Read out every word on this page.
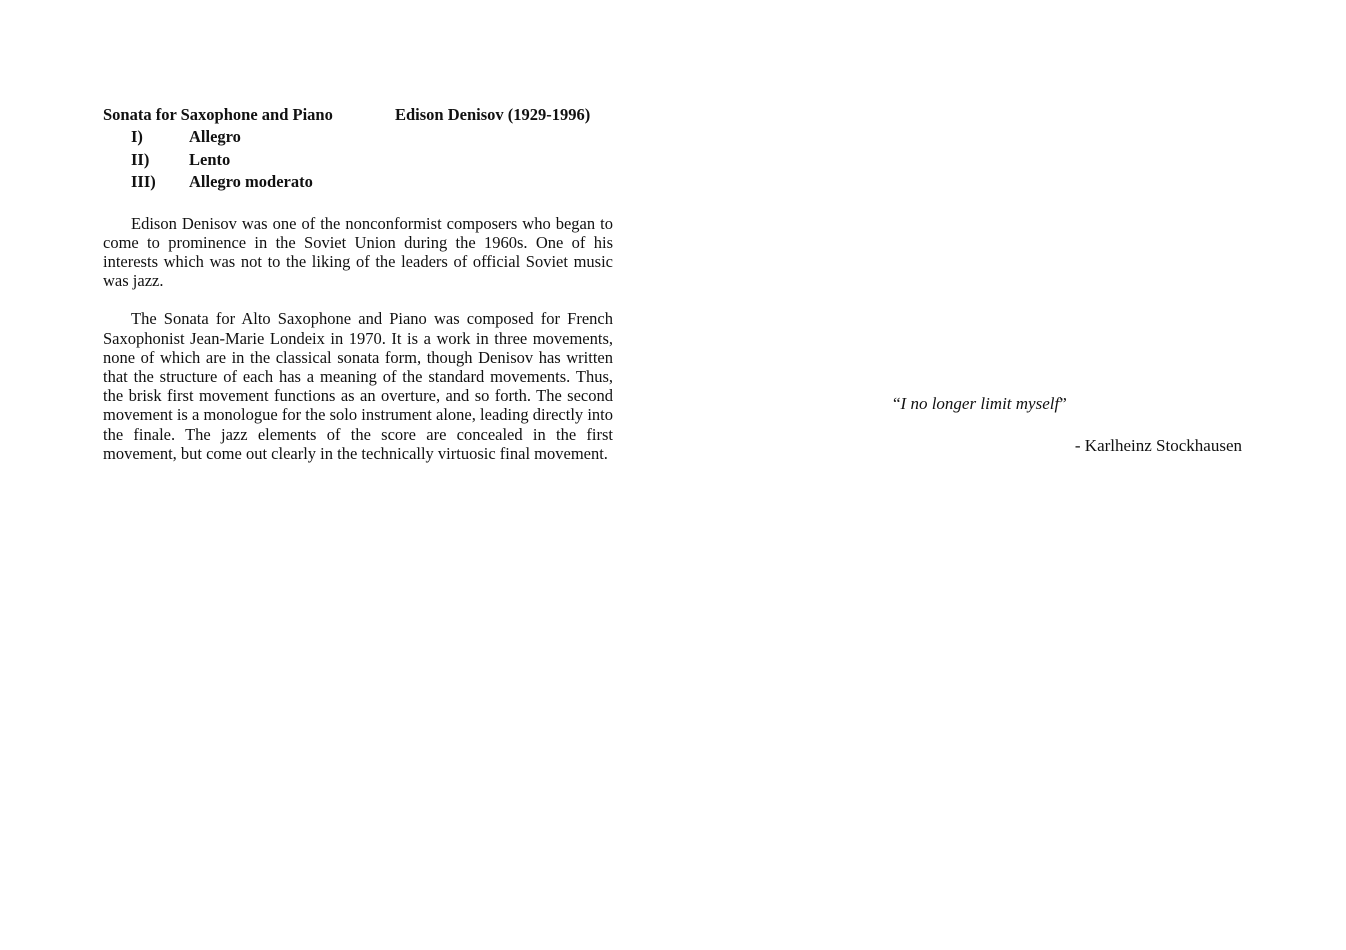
Sonata for Saxophone and Piano	Edison Denisov (1929-1996)
I)	Allegro
II) Lento
III) Allegro moderato

Edison Denisov was one of the nonconformist composers who began to come to prominence in the Soviet Union during the 1960s. One of his interests which was not to the liking of the leaders of official Soviet music was jazz.

The Sonata for Alto Saxophone and Piano was composed for French Saxophonist Jean-Marie Londeix in 1970. It is a work in three movements, none of which are in the classical sonata form, though Denisov has written that the structure of each has a meaning of the standard movements. Thus, the brisk first movement functions as an overture, and so forth. The second movement is a monologue for the solo instrument alone, leading directly into the finale. The jazz elements of the score are concealed in the first movement, but come out clearly in the technically virtuosic final movement.

“I no longer limit myself”
- Karlheinz Stockhausen
